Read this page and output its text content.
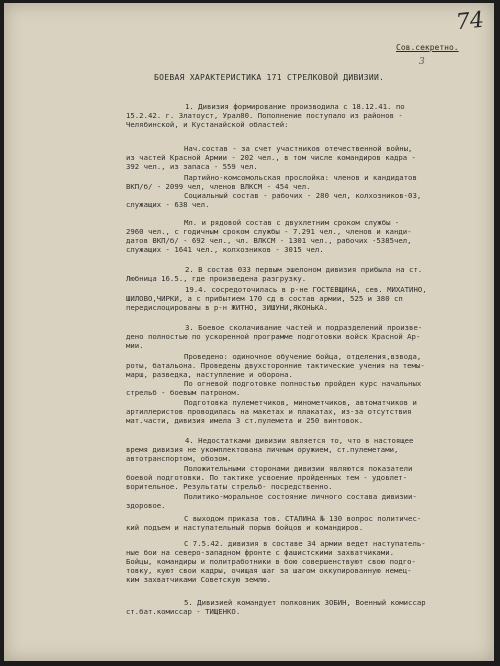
74
Сов.секретно.
3
БОЕВАЯ ХАРАКТЕРИСТИКА 171 СТРЕЛКОВОЙ ДИВИЗИИ.
1. Дивизия формирование производила с 18.12.41. по
15.2.42. г. Златоуст, Урал80. Пополнение поступало из районов -
Челябинской, и Кустанайской областей:
Нач.состав - за счет участников отечественной войны,
из частей Красной Армии - 202 чел., в том числе командиров кадра -
392 чел., из запаса - 559 чел.
Партийно-комсомольская прослойка: членов и кандидатов
ВКП/б/ - 2099 чел, членов ВЛКСМ - 454 чел.
Социальный состав - рабочих - 280 чел, колхозников-03,
служащих - 638 чел.
Мл. и рядовой состав с двухлетним сроком службы -
2960 чел., с годичным сроком службы - 7.291 чел., членов и канди-
датов ВКП/б/ - 692 чел., чл. ВЛКСМ - 1301 чел., рабочих -5385чел,
служащих - 1641 чел., колхозников - 3015 чел.
2. В состав 0ЗЗ первым эшелоном дивизия прибыла на ст.
Любница 16.5., где произведена разгрузку.
19.4. сосредоточилась в р-не ГОСТЕВЩИНА, сев. МИХАТИНО,
ШИЛОВО,ЧИРКИ, а с прибытием 170 сд в состав армии, 525 и 380 сп
передислоцированы в р-н ЖИТНО, ЗИШУНИ,ЯКОНЬКА.
3. Боевое сколачивание частей и подразделений произве-
дено полностью по ускоренной программе подготовки войск Красной Ар-
мии.
Проведено: одиночное обучение бойца, отделения,взвода,
роты, батальона. Проведены двухсторонние тактические учения на темы-
марш, разведка, наступление и оборона.
По огневой подготовке полностью пройден курс начальных
стрельб - боевым патроном.
Подготовка пулеметчиков, минометчиков, автоматчиков и
артиллеристов проводилась на макетах и плакатах, из-за отсутствия
мат.части, дивизия имела 3 ст.пулемета и 250 винтовок.
4. Недостатками дивизии является то, что в настоящее
время дивизия не укомплектована личным оружием, ст.пулеметами,
автотранспортом, обозом.
Положительными сторонами дивизии являются показатели
боевой подготовки. По тактике усвоение пройденных тем - удовлет-
ворительное. Результаты стрельб- посредственно.
Политико-моральное состояние личного состава дивизии-
здоровое.
С выходом приказа тов. СТАЛИНА № 130 вопрос политичес-
кий подъем и наступательный порыв бойцов и командиров.
С 7.5.42. дивизия в составе 34 армии ведет наступатель-
ные бои на северо-западном фронте с фашистскими захватчиками.
Бойцы, командиры и политработники в бою совершенствуют свою подго-
товку, куют свои кадры, очищая шаг за шагом оккупированную немец-
ким захватчиками Советскую землю.
5. Дивизией командует полковник ЗОБИН, Военный комиссар
ст.бат.комиссар - ТИЩЕНКО.
